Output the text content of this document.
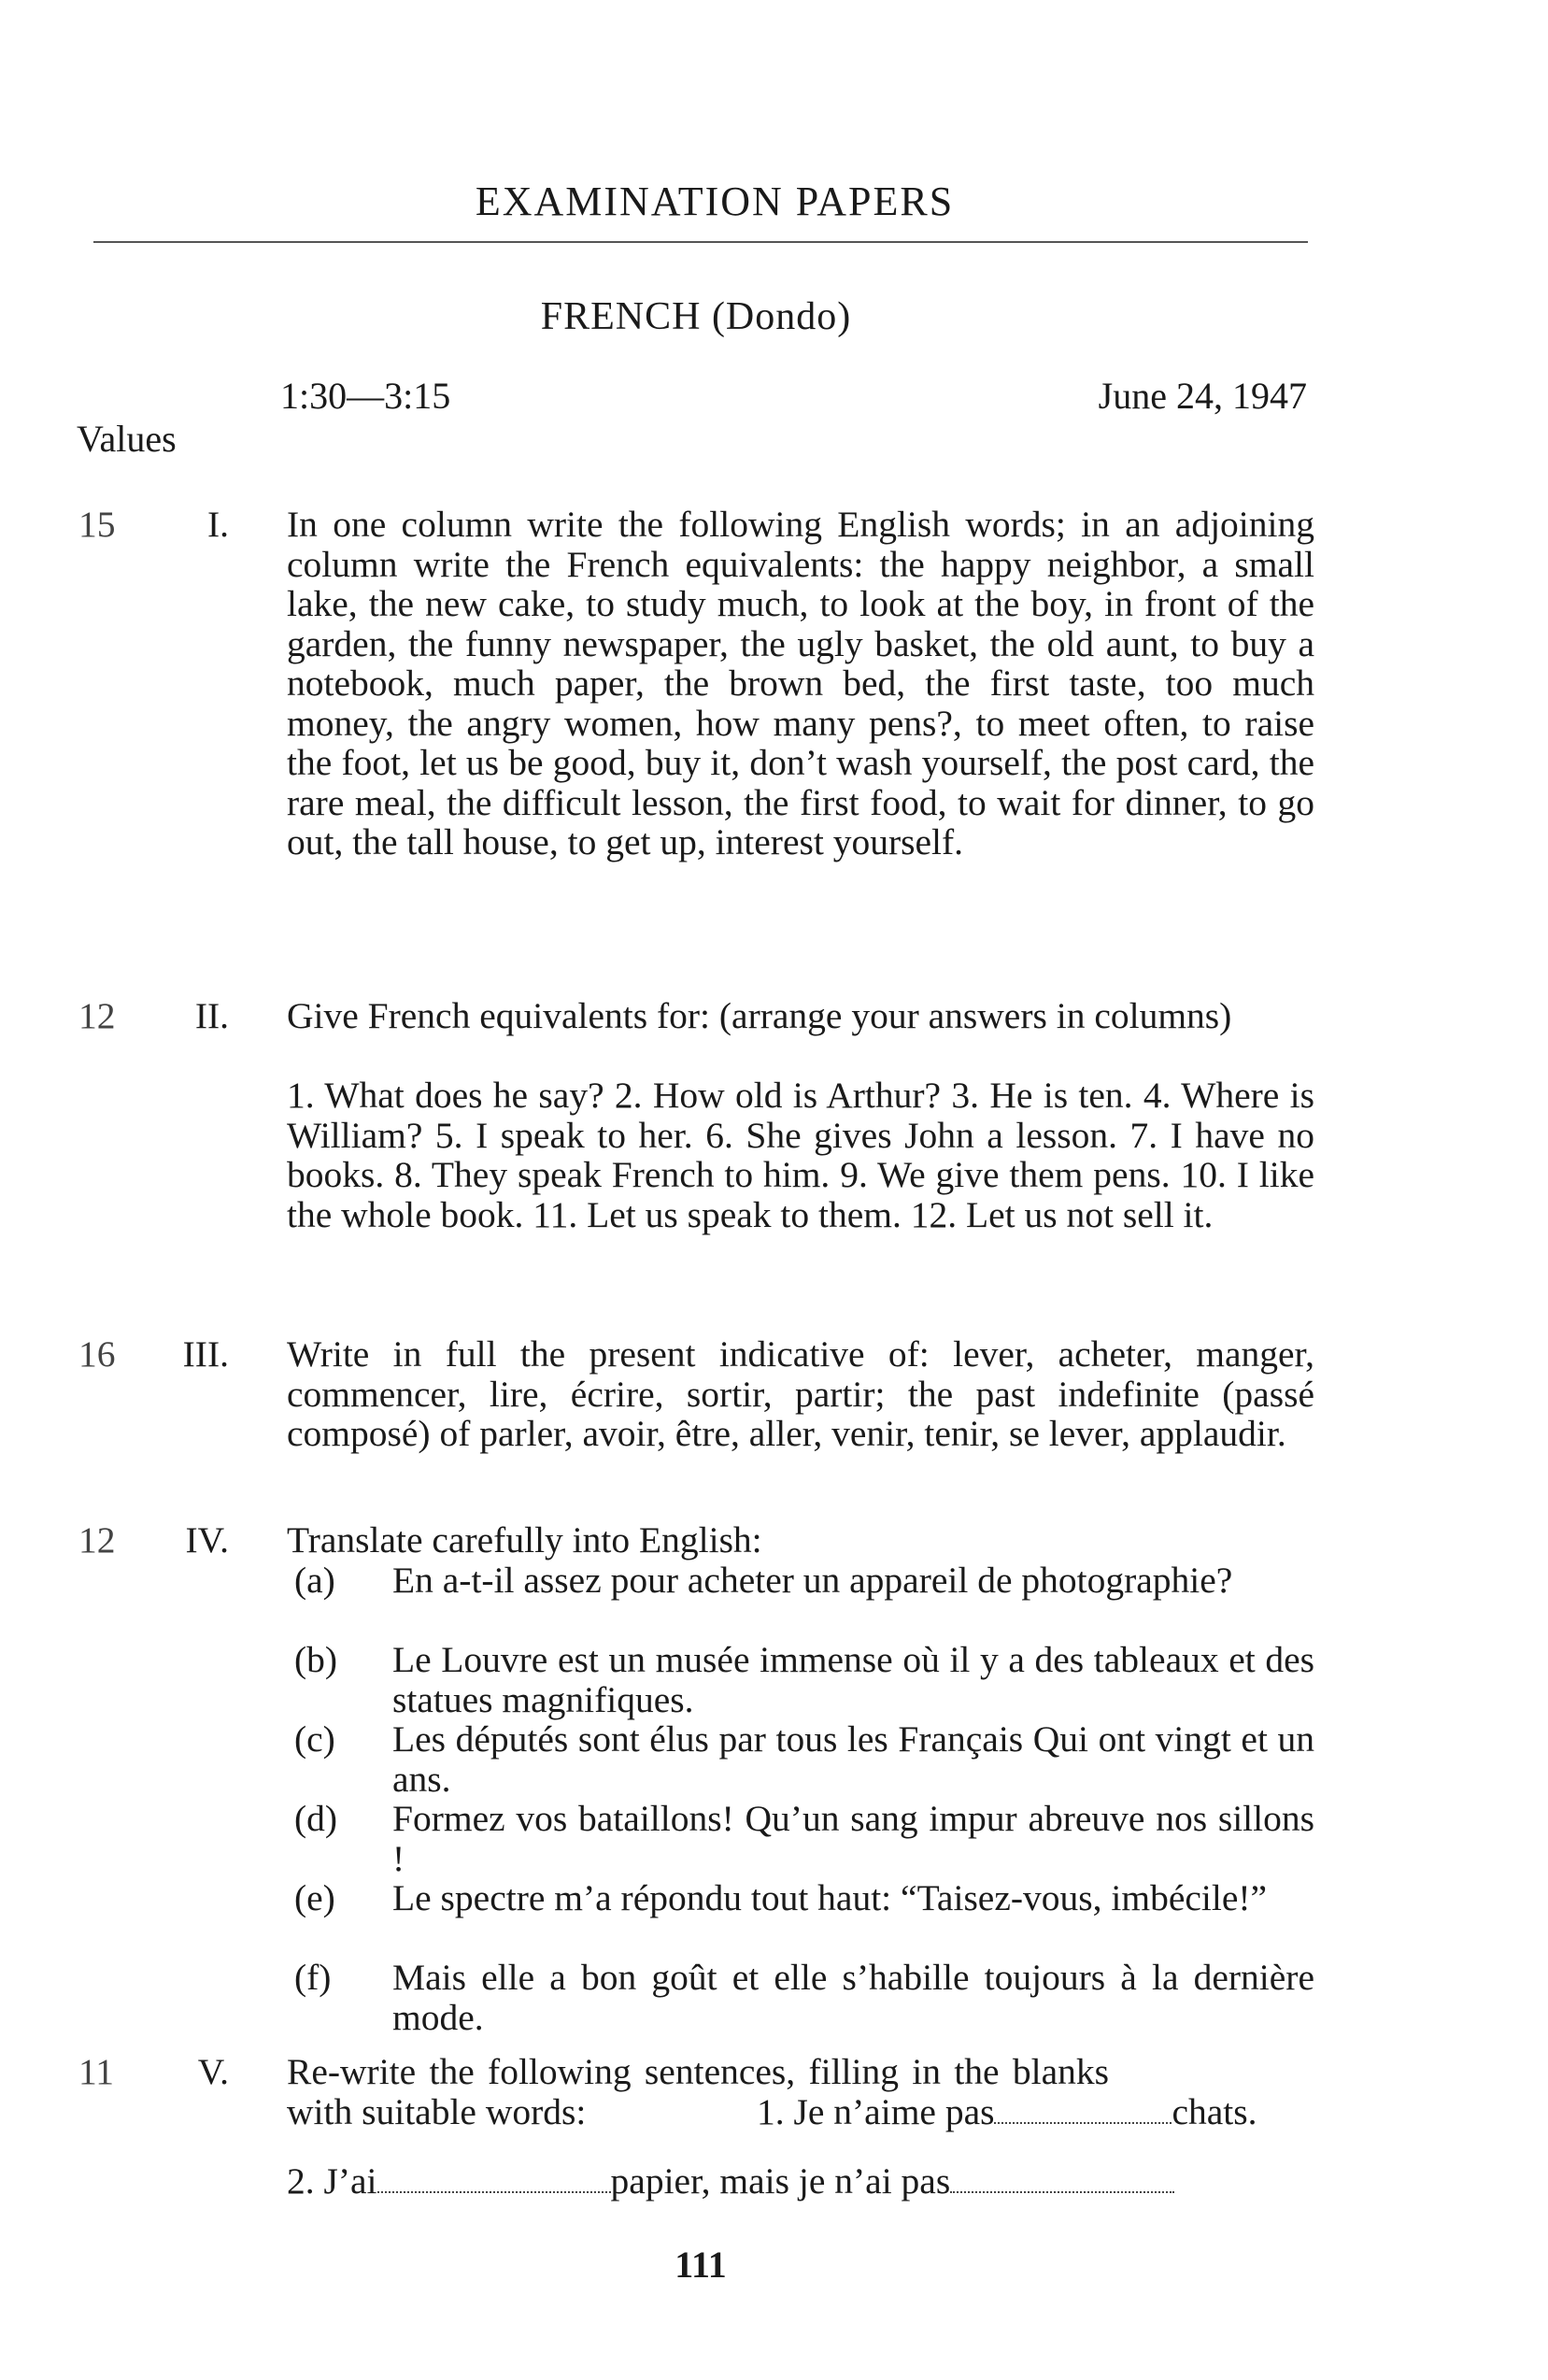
EXAMINATION PAPERS
FRENCH (Dondo)
1:30—3:15	June 24, 1947
Values
15	I. In one column write the following English words; in an adjoining column write the French equivalents: the happy neighbor, a small lake, the new cake, to study much, to look at the boy, in front of the garden, the funny newspaper, the ugly basket, the old aunt, to buy a notebook, much paper, the brown bed, the first taste, too much money, the angry women, how many pens?, to meet often, to raise the foot, let us be good, buy it, don’t wash yourself, the post card, the rare meal, the difficult lesson, the first food, to wait for dinner, to go out, the tall house, to get up, interest yourself.
12	II. Give French equivalents for: (arrange your answers in columns)
1. What does he say? 2. How old is Arthur? 3. He is ten. 4. Where is William? 5. I speak to her. 6. She gives John a lesson. 7. I have no books. 8. They speak French to him. 9. We give them pens. 10. I like the whole book. 11. Let us speak to them. 12. Let us not sell it.
16	III. Write in full the present indicative of: lever, acheter, manger, commencer, lire, écrire, sortir, partir; the past indefinite (passé composé) of parler, avoir, être, aller, venir, tenir, se lever, applaudir.
12	IV. Translate carefully into English:
(a) En a-t-il assez pour acheter un appareil de photographie?
(b) Le Louvre est un musée immense où il y a des tableaux et des statues magnifiques.
(c) Les députés sont élus par tous les Français Qui ont vingt et un ans.
(d) Formez vos bataillons! Qu’un sang impur abreuve nos sillons !
(e) Le spectre m’a répondu tout haut: “Taisez-vous, imbécile!”
(f) Mais elle a bon goût et elle s’habille toujours à la dernière mode.
11	V. Re-write the following sentences, filling in the blanks with suitable words:	1. Je n’aime pas	chats.
2. J’ai	papier, mais je n’ai pas
111
